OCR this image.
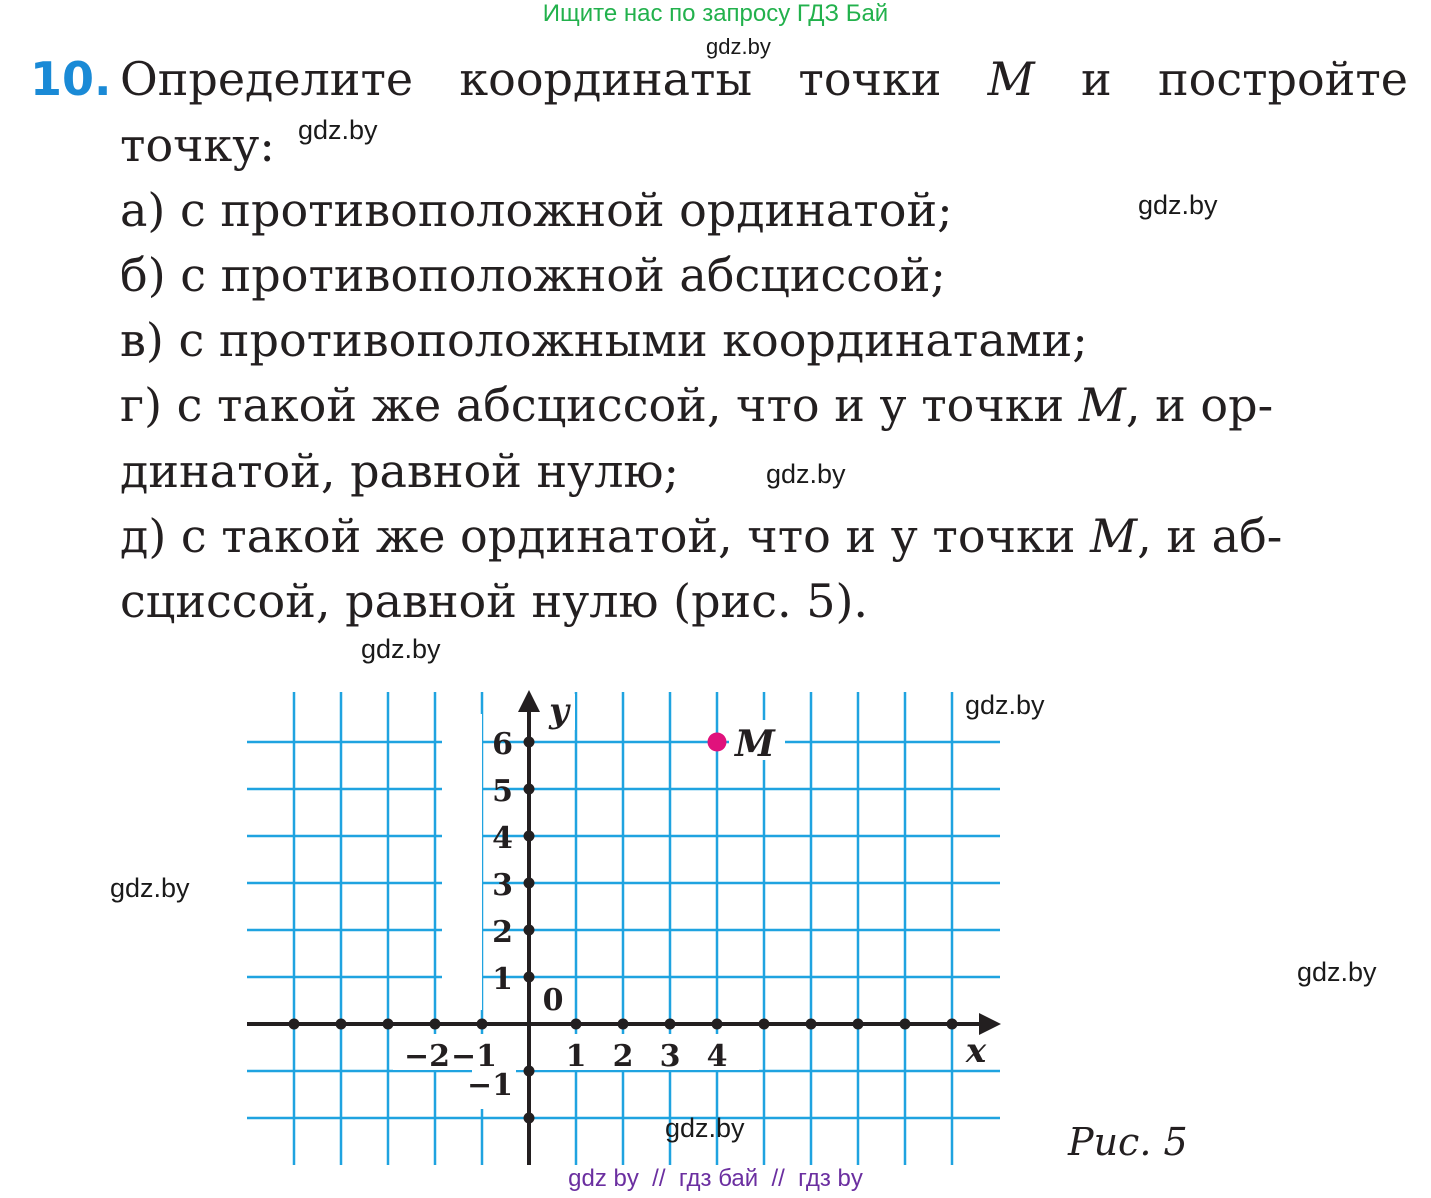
Ищите нас по запросу ГДЗ Бай
gdz.by
10. Определите координаты точки M и постройте
точку: gdz.by
а) с противоположной ординатой;	gdz.by
б) с противоположной абсциссой;
в) с противоположными координатами;
г) с такой же абсциссой, что и у точки M, и ор-
динатой, равной нулю;	gdz.by
д) с такой же ординатой, что и у точки M, и аб-
сциссой, равной нулю (рис. 5).
gdz.by
−2 −1 1 2 3 4
6
5
4
3
2
1
−1
0
x
y
M
gdz.by
gdz.by
gdz.by
gdz.by	Рис. 5
gdz by  //  гдз бай  //  гдз by
